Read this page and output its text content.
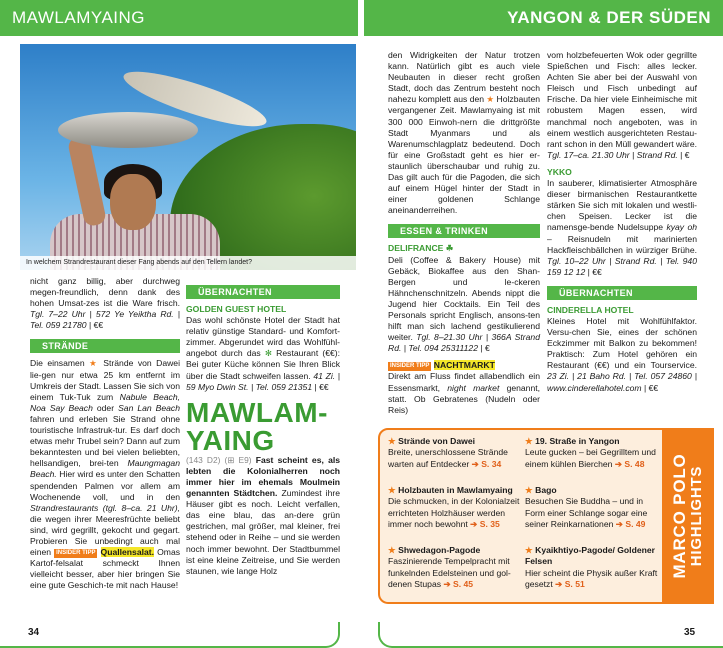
MAWLAMYAING	YANGON & DER SÜDEN
In welchem Strandrestaurant dieser Fang abends auf den Tellern landet?
nicht ganz billig, aber durchweg megen-freundlich, denn dank des hohen Umsat-zes ist die Ware frisch. Tgl. 7–22 Uhr | 572 Ye Yeikthа Rd. | Tel. 059 21780 | €€
STRÄNDE
Die einsamen ★ Strände von Dawei lie-gen nur etwa 25 km entfernt im Umkreis der Stadt. Lassen Sie sich von einem Tuk-Tuk zum Nabule Beach, Noa Say Beach oder San Lan Beach fahren und erleben Sie Strand ohne touristische Infrastruk-tur. Es darf doch etwas mehr Trubel sein? Dann auf zum bekanntesten und bei vielen beliebten, hellsandigen, brei-ten Maungmagan Beach. Hier wird es unter den Schatten spendenden Palmen vor allem am Wochenende voll, und in den Strandrestaurants (tgl. 8–ca. 21 Uhr), die wegen ihrer Meeresfrüchte beliebt sind, wird gegrillt, gekocht und gegart. Probieren Sie unbedingt auch mal einen INSIDER TIPP Quallensalat. Omas Kartof-felsalat schmeckt Ihnen vielleicht besser, aber hier bringen Sie eine gute Geschich-te mit nach Hause!
ÜBERNACHTEN
GOLDEN GUEST HOTEL
Das wohl schönste Hotel der Stadt hat relativ günstige Standard- und Komfort-zimmer. Abgerundet wird das Wohlfühl-angebot durch das ✻ Restaurant (€€): Bei guter Küche können Sie Ihren Blick über die Stadt schweifen lassen. 41 Zi. | 59 Myo Dwin St. | Tel. 059 21351 | €€
MAWLAM-
YAING
(143 D2) (⊞ E9) Fast scheint es, als lebten die Kolonialherren noch immer hier im ehemals Moulmein genannten Städtchen. Zumindest ihre Häuser gibt es noch. Leicht verfallen, das eine blau, das an-dere grün gestrichen, mal größer, mal kleiner, frei stehend oder in Reihe – und sie werden noch immer bewohnt. Der Stadtbummel ist eine kleine Zeitreise, und Sie werden staunen, wie lange Holz
den Widrigkeiten der Natur trotzen kann. Natürlich gibt es auch viele Neubauten in dieser recht großen Stadt, doch das Zentrum besteht noch nahezu komplett aus den ★ Holzbauten vergangener Zeit. Mawlamyaing ist mit 300 000 Einwoh-nern die drittgrößte Stadt Myanmars und als Warenumschlagplatz bedeutend. Doch für eine Großstadt geht es hier er-staunlich überschaubar und ruhig zu. Das gilt auch für die Pagoden, die sich auf einem Hügel hinter der Stadt in einer goldenen Schlange aneinanderreihen.
ESSEN & TRINKEN
DELIFRANCE ☘
Deli (Coffee & Bakery House) mit Gebäck, Biokaffee aus den Shan-Bergen und le-ckeren Hähnchenschnitzeln. Abends nippt die Jugend hier Cocktails. Ein Teil des Personals spricht Englisch, ansons-ten hilft man sich lachend gestikulierend weiter. Tgl. 8–21.30 Uhr | 366A Strand Rd. | Tel. 094 25311122 | €
INSIDER TIPP NACHTMARKT
Direkt am Fluss findet allabendlich ein Essensmarkt, night market genannt, statt. Ob Gebratenes (Nudeln oder Reis)
vom holzbefeuerten Wok oder gegrillte Spießchen und Fisch: alles lecker. Achten Sie aber bei der Auswahl von Fleisch und Fisch unbedingt auf Frische. Da hier viele Einheimische mit robustem Magen essen, wird manchmal noch angeboten, was in einem westlich ausgerichteten Restau-rant schon in den Müll gewandert wäre. Tgl. 17–ca. 21.30 Uhr | Strand Rd. | €
YKKO
In sauberer, klimatisierter Atmosphäre dieser birmanischen Restaurantkette stärken Sie sich mit lokalen und westli-chen Speisen. Lecker ist die namensge-bende Nudelsuppe kyay oh – Reisnudeln mit marinierten Hackfleischbällchen in würziger Brühe. Tgl. 10–22 Uhr | Strand Rd. | Tel. 940 159 12 12 | €€
ÜBERNACHTEN
CINDERELLA HOTEL
Kleines Hotel mit Wohlfühlfaktor. Versu-chen Sie, eines der schönen Eckzimmer mit Balkon zu bekommen! Praktisch: Zum Hotel gehören ein Restaurant (€€) und ein Tourservice. 23 Zi. | 21 Baho Rd. | Tel. 057 24860 | www.cinderellahotel.com | €€
MARCO POLO HIGHLIGHTS
★ Strände von Dawei
Breite, unerschlossene Strände warten auf Entdecker ➔ S. 34
★ 19. Straße in Yangon
Leute gucken – bei Gegrilltem und einem kühlen Bierchen ➔ S. 48
★ Holzbauten in Mawlamyaing
Die schmucken, in der Kolonialzeit errichteten Holzhäuser werden immer noch bewohnt ➔ S. 35
★ Bago
Besuchen Sie Buddha – und in Form einer Schlange sogar eine seiner Reinkarnationen ➔ S. 49
★ Shwedagon-Pagode
Faszinierende Tempelpracht mit funkelnden Edelsteinen und gol-denen Stupas ➔ S. 45
★ Kyaikhtiyo-Pagode/ Goldener Felsen
Hier scheint die Physik außer Kraft gesetzt ➔ S. 51
34	35
